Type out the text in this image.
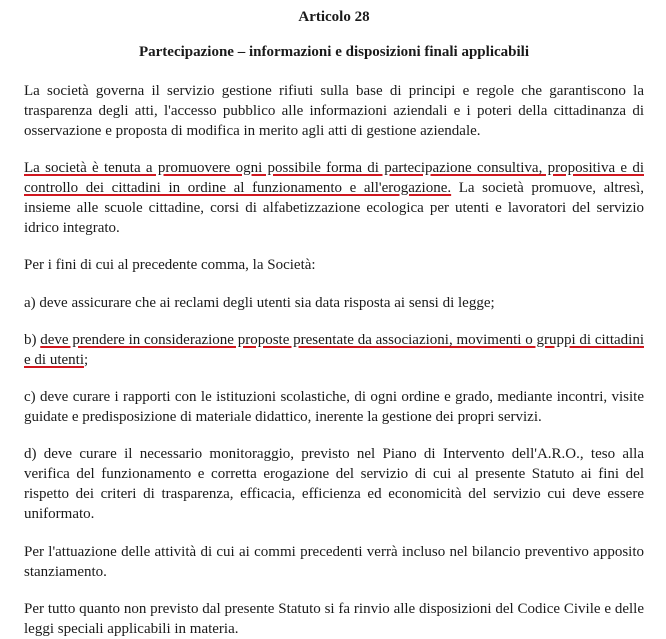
Articolo 28
Partecipazione – informazioni e disposizioni finali applicabili

La società governa il servizio gestione rifiuti sulla base di principi e regole che garantiscono la trasparenza degli atti, l'accesso pubblico alle informazioni aziendali e i poteri della cittadinanza di osservazione e proposta di modifica in merito agli atti di gestione aziendale.

La società è tenuta a promuovere ogni possibile forma di partecipazione consultiva, propositiva e di controllo dei cittadini in ordine al funzionamento e all'erogazione. La società promuove, altresì, insieme alle scuole cittadine, corsi di alfabetizzazione ecologica per utenti e lavoratori del servizio idrico integrato.

Per i fini di cui al precedente comma, la Società:

a) deve assicurare che ai reclami degli utenti sia data risposta ai sensi di legge;

b) deve prendere in considerazione proposte presentate da associazioni, movimenti o gruppi di cittadini e di utenti;

c) deve curare i rapporti con le istituzioni scolastiche, di ogni ordine e grado, mediante incontri, visite guidate e predisposizione di materiale didattico, inerente la gestione dei propri servizi.

d) deve curare il necessario monitoraggio, previsto nel Piano di Intervento dell'A.R.O., teso alla verifica del funzionamento e corretta erogazione del servizio di cui al presente Statuto ai fini del rispetto dei criteri di trasparenza, efficacia, efficienza ed economicità del servizio cui deve essere uniformato.

Per l'attuazione delle attività di cui ai commi precedenti verrà incluso nel bilancio preventivo apposito stanziamento.

Per tutto quanto non previsto dal presente Statuto si fa rinvio alle disposizioni del Codice Civile e delle leggi speciali applicabili in materia.
